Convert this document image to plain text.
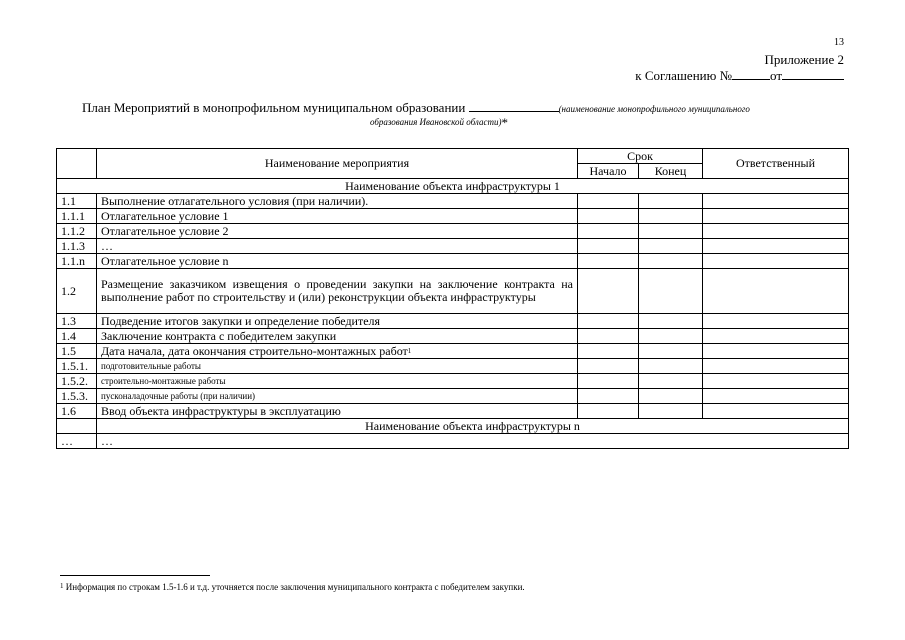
13
Приложение 2
к Соглашению №	от
План Мероприятий в монопрофильном муниципальном образовании	(наименование монопрофильного муниципального
образования Ивановской области)*
	Наименование мероприятия	Срок		Ответственный
		Начало	Конец	
Наименование объекта инфраструктуры 1				
1.1	Выполнение отлагательного условия (при наличии).			
1.1.1	Отлагательное условие 1			
1.1.2	Отлагательное условие 2			
1.1.3	…			
1.1.n	Отлагательное условие n			
1.2	Размещение заказчиком извещения о проведении закупки на заключение контракта на выполнение работ по строительству и (или) реконструкции объекта инфраструктуры			
1.3	Подведение итогов закупки и определение победителя			
1.4	Заключение контракта с победителем закупки			
1.5	Дата начала, дата окончания строительно-монтажных работ$^1$			
1.5.1.	подготовительные работы			
1.5.2.	строительно-монтажные работы			
1.5.3.	пусконаладочные работы (при наличии)			
1.6	Ввод объекта инфраструктуры в эксплуатацию			
	Наименование объекта инфраструктуры n			
…	…			
$^1$ Информация по строкам 1.5-1.6 и т.д. уточняется после заключения муниципального контракта с победителем закупки.
